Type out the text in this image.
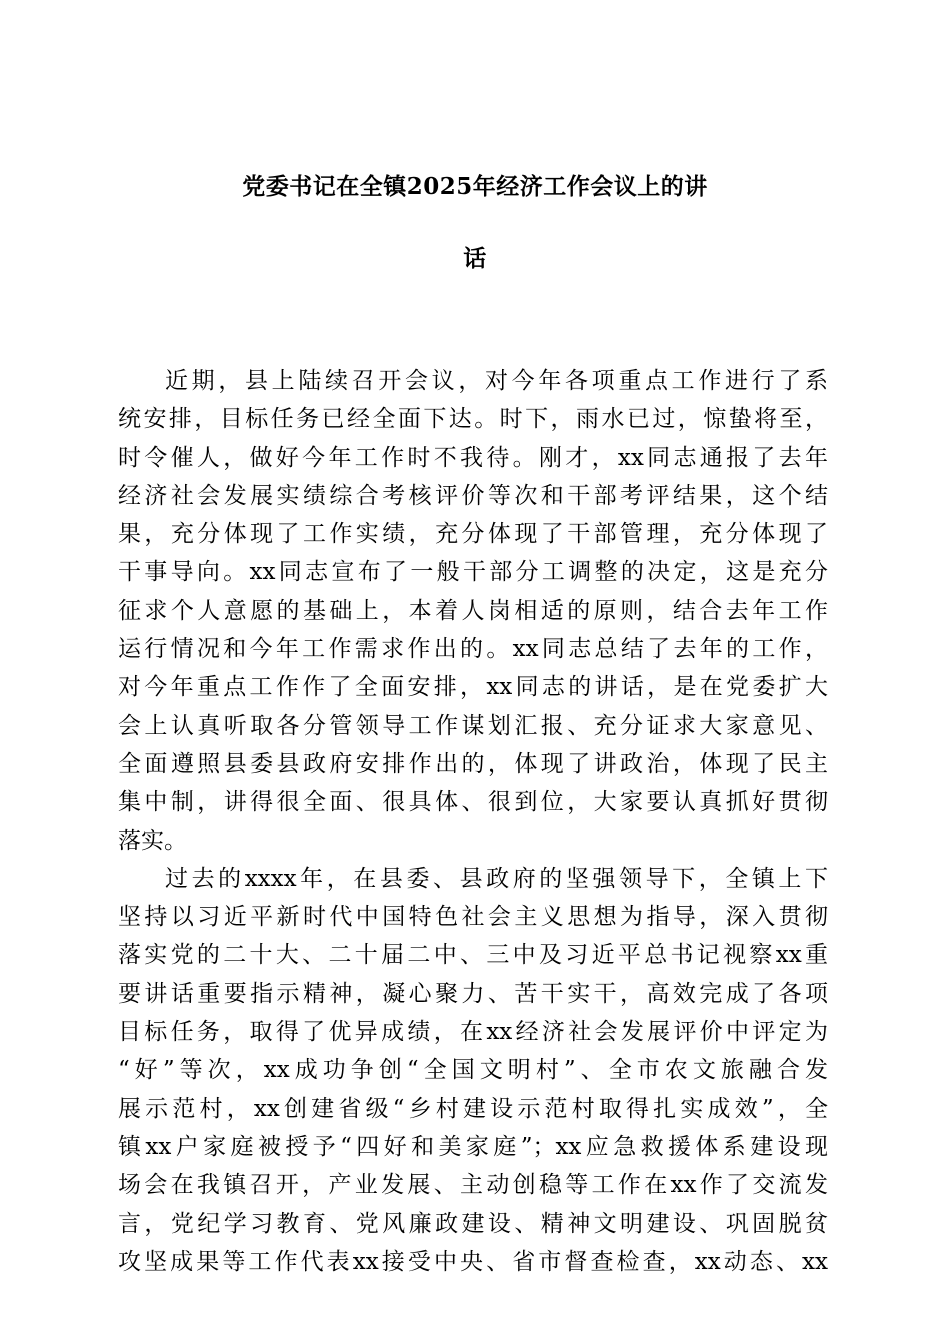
党委书记在全镇2025年经济工作会议上的讲
话
近期，县上陆续召开会议，对今年各项重点工作进行了系
统安排，目标任务已经全面下达。时下，雨水已过，惊蛰将至，
时令催人，做好今年工作时不我待。刚才，xx同志通报了去年
经济社会发展实绩综合考核评价等次和干部考评结果，这个结
果，充分体现了工作实绩，充分体现了干部管理，充分体现了
干事导向。xx同志宣布了一般干部分工调整的决定，这是充分
征求个人意愿的基础上，本着人岗相适的原则，结合去年工作
运行情况和今年工作需求作出的。xx同志总结了去年的工作，
对今年重点工作作了全面安排，xx同志的讲话，是在党委扩大
会上认真听取各分管领导工作谋划汇报、充分证求大家意见、
全面遵照县委县政府安排作出的，体现了讲政治，体现了民主
集中制，讲得很全面、很具体、很到位，大家要认真抓好贯彻
落实。
过去的xxxx年，在县委、县政府的坚强领导下，全镇上下
坚持以习近平新时代中国特色社会主义思想为指导，深入贯彻
落实党的二十大、二十届二中、三中及习近平总书记视察xx重
要讲话重要指示精神，凝心聚力、苦干实干，高效完成了各项
目标任务，取得了优异成绩，在xx经济社会发展评价中评定为
“好”等次，xx成功争创“全国文明村”、全市农文旅融合发
展示范村，xx创建省级“乡村建设示范村取得扎实成效”，全
镇xx户家庭被授予“四好和美家庭”；xx应急救援体系建设现
场会在我镇召开，产业发展、主动创稳等工作在xx作了交流发
言，党纪学习教育、党风廉政建设、精神文明建设、巩固脱贫
攻坚成果等工作代表xx接受中央、省市督查检查，xx动态、xx
